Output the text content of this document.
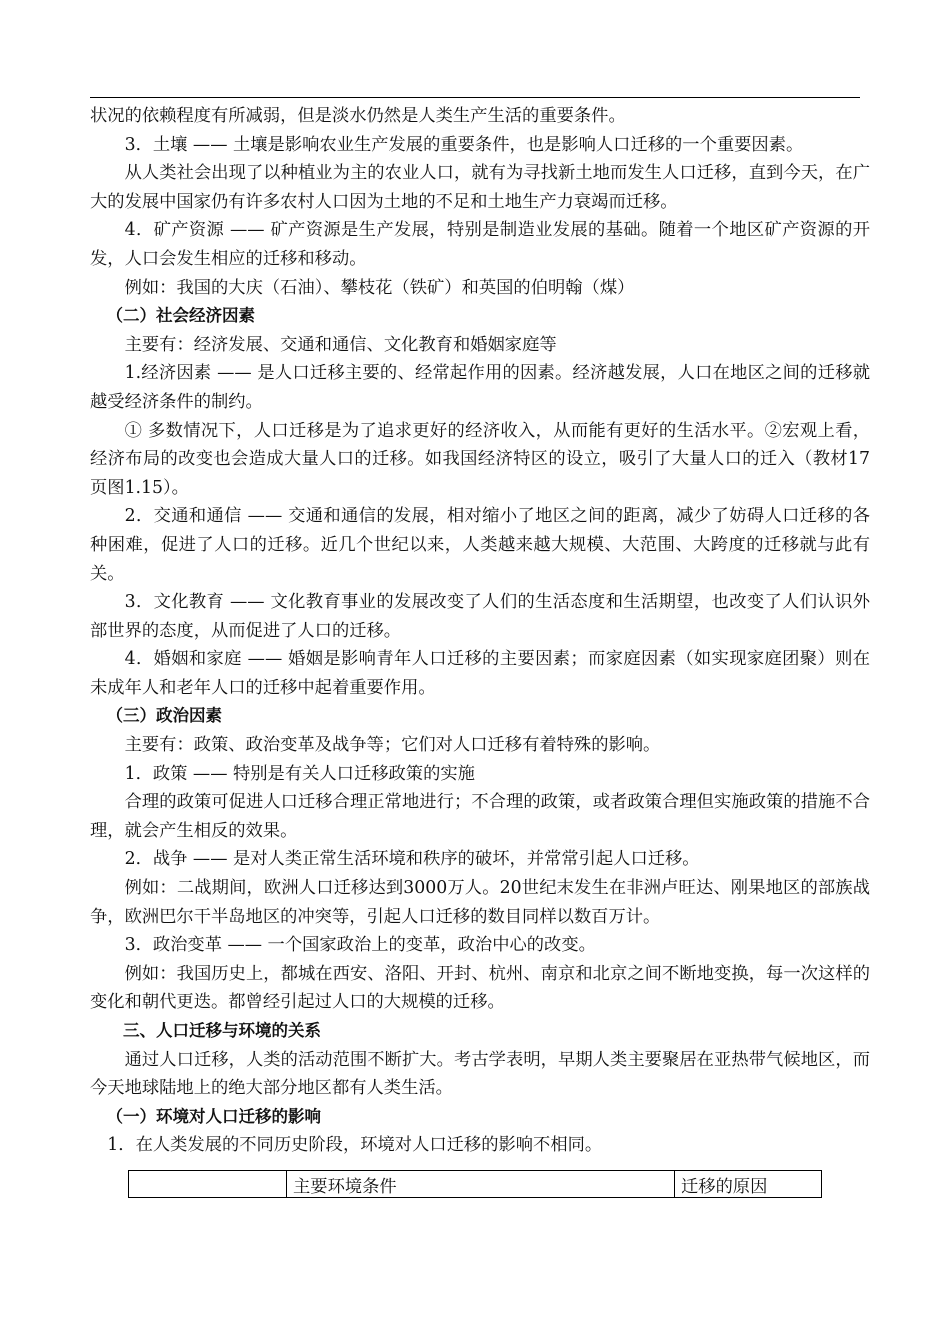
状况的依赖程度有所减弱，但是淡水仍然是人类生产生活的重要条件。

3．土壤 —— 土壤是影响农业生产发展的重要条件，也是影响人口迁移的一个重要因素。

从人类社会出现了以种植业为主的农业人口，就有为寻找新土地而发生人口迁移，直到今天，在广大的发展中国家仍有许多农村人口因为土地的不足和土地生产力衰竭而迁移。

4．矿产资源 —— 矿产资源是生产发展，特别是制造业发展的基础。随着一个地区矿产资源的开发，人口会发生相应的迁移和移动。

例如：我国的大庆（石油）、攀枝花（铁矿）和英国的伯明翰（煤）

（二）社会经济因素

主要有：经济发展、交通和通信、文化教育和婚姻家庭等

1.经济因素 —— 是人口迁移主要的、经常起作用的因素。经济越发展，人口在地区之间的迁移就越受经济条件的制约。

① 多数情况下，人口迁移是为了追求更好的经济收入，从而能有更好的生活水平。②宏观上看，经济布局的改变也会造成大量人口的迁移。如我国经济特区的设立，吸引了大量人口的迁入（教材17页图1.15）。

2．交通和通信 —— 交通和通信的发展，相对缩小了地区之间的距离，减少了妨碍人口迁移的各种困难，促进了人口的迁移。近几个世纪以来，人类越来越大规模、大范围、大跨度的迁移就与此有关。

3．文化教育 —— 文化教育事业的发展改变了人们的生活态度和生活期望，也改变了人们认识外部世界的态度，从而促进了人口的迁移。

4．婚姻和家庭 —— 婚姻是影响青年人口迁移的主要因素；而家庭因素（如实现家庭团聚）则在未成年人和老年人口的迁移中起着重要作用。

（三）政治因素

主要有：政策、政治变革及战争等；它们对人口迁移有着特殊的影响。

1．政策 —— 特别是有关人口迁移政策的实施

合理的政策可促进人口迁移合理正常地进行；不合理的政策，或者政策合理但实施政策的措施不合理，就会产生相反的效果。

2．战争 —— 是对人类正常生活环境和秩序的破坏，并常常引起人口迁移。

例如：二战期间，欧洲人口迁移达到3000万人。20世纪末发生在非洲卢旺达、刚果地区的部族战争，欧洲巴尔干半岛地区的冲突等，引起人口迁移的数目同样以数百万计。

3．政治变革 —— 一个国家政治上的变革，政治中心的改变。

例如：我国历史上，都城在西安、洛阳、开封、杭州、南京和北京之间不断地变换，每一次这样的变化和朝代更迭。都曾经引起过人口的大规模的迁移。

三、人口迁移与环境的关系

通过人口迁移，人类的活动范围不断扩大。考古学表明，早期人类主要聚居在亚热带气候地区，而今天地球陆地上的绝大部分地区都有人类生活。

（一）环境对人口迁移的影响

1．在人类发展的不同历史阶段，环境对人口迁移的影响不相同。

	主要环境条件	迁移的原因
